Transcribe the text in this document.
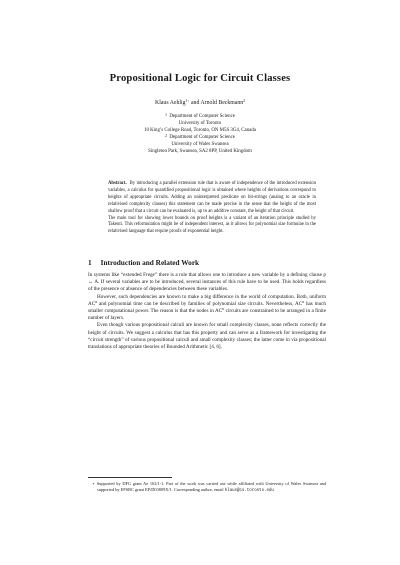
Propositional Logic for Circuit Classes
Klaus Aehlig$^{1⋆}$ and Arnold Beckmann$^2$
$^1$ Department of Computer Science
University of Toronto
10 King’s College Road, Toronto, ON M5S 3G4, Canada
$^2$ Department of Computer Science
University of Wales Swansea
Singleton Park, Swansea, SA2 8PP, United Kingdom

Abstract. By introducing a parallel extension rule that is aware of independence of the introduced extension variables, a calculus for quantified propositional logic is obtained where heights of derivations correspond to heights of appropriate circuits. Adding an uninterpreted predicate on bit-strings (analog to an oracle in relativised complexity classes) this statement can be made precise in the sense that the height of the most shallow proof that a circuit can be evaluated is, up to an additive constant, the height of that circuit.

The main tool for showing lower bounds on proof heights is a variant of an iteration principle studied by Takeuti. This reformulation might be of independent interest, as it allows for polynomial size formulae in the relativised language that require proofs of exponential height.

1 Introduction and Related Work

In systems like “extended Frege” there is a rule that allows one to introduce a new variable by a defining clause p ↔ A. If several variables are to be introduced, several instances of this rule have to be used. This holds regardless of the presence or absence of dependencies between these variables.

However, such dependencies are known to make a big difference in the world of computation. Both, uniform AC⁰ and polynomial time can be described by families of polynomial size circuits. Nevertheless, AC⁰ has much smaller computational power. The reason is that the nodes in AC⁰ circuits are constrained to be arranged in a finite number of layers.

Even though various propositional calculi are known for small complexity classes, none reflects correctly the height of circuits. We suggest a calculus that has this property and can serve as a framework for investigating the “circuit strength” of various propositional calculi and small complexity classes; the latter come in via propositional translations of appropriate theories of Bounded Arithmetic [4, 6].

⋆ Supported by DFG grant Ae 102/1-1. Part of the work was carried out while affiliated with University of Wales Swansea and supported by EPSRC grant EP/D03809X/1. Corresponding author, email klaus@cs.toronto.edu
